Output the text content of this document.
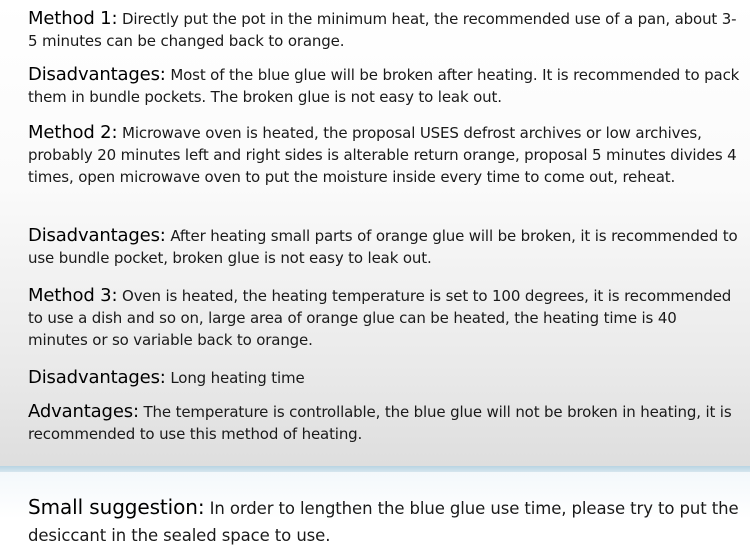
Method 1: Directly put the pot in the minimum heat, the recommended use of a pan, about 3-5 minutes can be changed back to orange.

Disadvantages: Most of the blue glue will be broken after heating. It is recommended to pack them in bundle pockets. The broken glue is not easy to leak out.

Method 2: Microwave oven is heated, the proposal USES defrost archives or low archives, probably 20 minutes left and right sides is alterable return orange, proposal 5 minutes divides 4 times, open microwave oven to put the moisture inside every time to come out, reheat.

Disadvantages: After heating small parts of orange glue will be broken, it is recommended to use bundle pocket, broken glue is not easy to leak out.

Method 3: Oven is heated, the heating temperature is set to 100 degrees, it is recommended to use a dish and so on, large area of orange glue can be heated, the heating time is 40 minutes or so variable back to orange.

Disadvantages: Long heating time

Advantages: The temperature is controllable, the blue glue will not be broken in heating, it is recommended to use this method of heating.

Small suggestion: In order to lengthen the blue glue use time, please try to put the desiccant in the sealed space to use.
